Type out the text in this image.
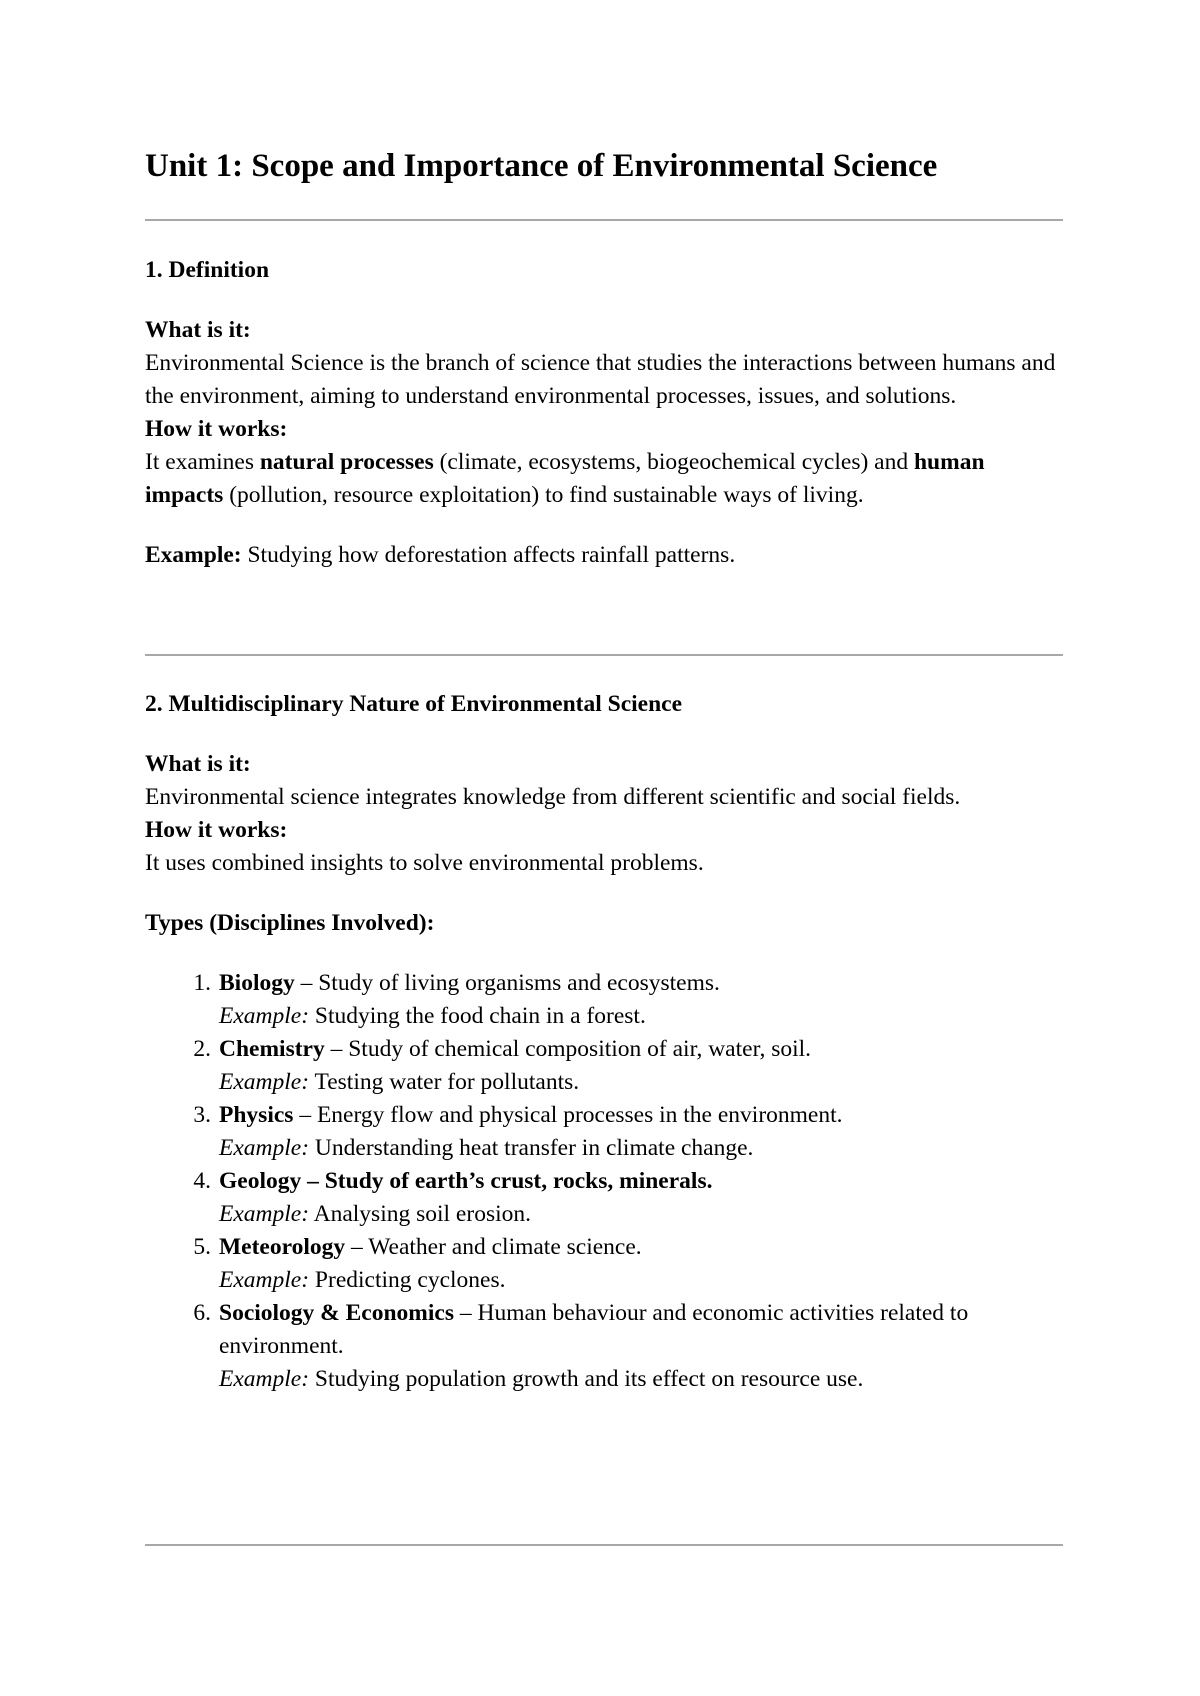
Unit 1: Scope and Importance of Environmental Science

1. Definition

What is it:

Environmental Science is the branch of science that studies the interactions between humans and the environment, aiming to understand environmental processes, issues, and solutions.

How it works:

It examines natural processes (climate, ecosystems, biogeochemical cycles) and human impacts (pollution, resource exploitation) to find sustainable ways of living.

Example: Studying how deforestation affects rainfall patterns.

2. Multidisciplinary Nature of Environmental Science

What is it:

Environmental science integrates knowledge from different scientific and social fields.

How it works:

It uses combined insights to solve environmental problems.

Types (Disciplines Involved):

1. Biology – Study of living organisms and ecosystems.
Example: Studying the food chain in a forest.
2. Chemistry – Study of chemical composition of air, water, soil.
Example: Testing water for pollutants.
3. Physics – Energy flow and physical processes in the environment.
Example: Understanding heat transfer in climate change.
4. Geology – Study of earth’s crust, rocks, minerals.
Example: Analysing soil erosion.
5. Meteorology – Weather and climate science.
Example: Predicting cyclones.
6. Sociology & Economics – Human behaviour and economic activities related to environment.
Example: Studying population growth and its effect on resource use.
